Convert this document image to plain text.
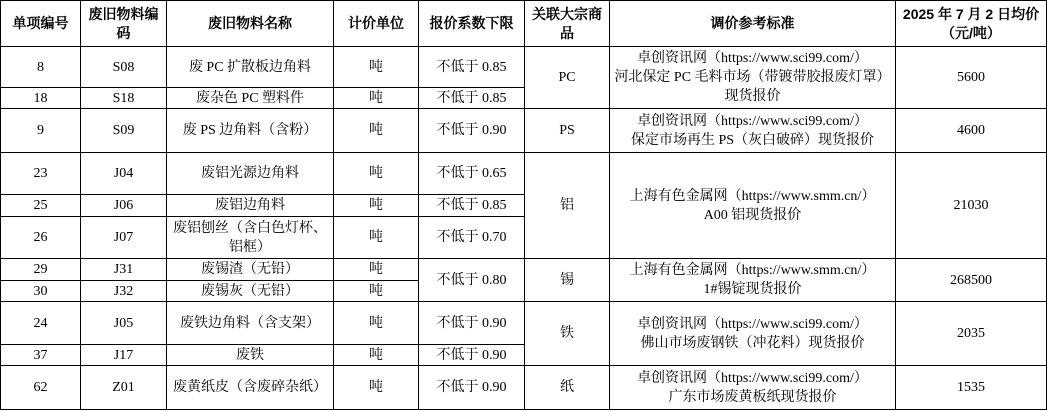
单项编号	废旧物料编码	废旧物料名称	计价单位	报价系数下限	关联大宗商品	调价参考标准	2025 年 7 月 2 日均价
（元/吨）

8	S08	废 PC 扩散板边角料	吨	不低于 0.85	PC	卓创资讯网（https://www.sci99.com/）
河北保定 PC 毛料市场（带镀带胶报废灯罩）
现货报价	5600
18	S18	废杂色 PC 塑料件	吨	不低于 0.85			
9	S09	废 PS 边角料（含粉）	吨	不低于 0.90	PS	卓创资讯网（https://www.sci99.com/）
保定市场再生 PS（灰白破碎）现货报价	4600
23	J04	废铝光源边角料	吨	不低于 0.65	铝	上海有色金属网（https://www.smm.cn/）
A00 铝现货报价	21030
25	J06	废铝边角料	吨	不低于 0.85			
26	J07	废铝刨丝（含白色灯杯、铝框）	吨	不低于 0.70			
29	J31	废锡渣（无铅）	吨	不低于 0.80	锡	上海有色金属网（https://www.smm.cn/）
1#锡锭现货报价	268500
30	J32	废锡灰（无铅）	吨				
24	J05	废铁边角料（含支架）	吨	不低于 0.90	铁	卓创资讯网（https://www.sci99.com/）
佛山市场废钢铁（冲花料）现货报价	2035
37	J17	废铁	吨	不低于 0.90			
62	Z01	废黄纸皮（含废碎杂纸）	吨	不低于 0.90	纸	卓创资讯网（https://www.sci99.com/）
广东市场废黄板纸现货报价	1535
